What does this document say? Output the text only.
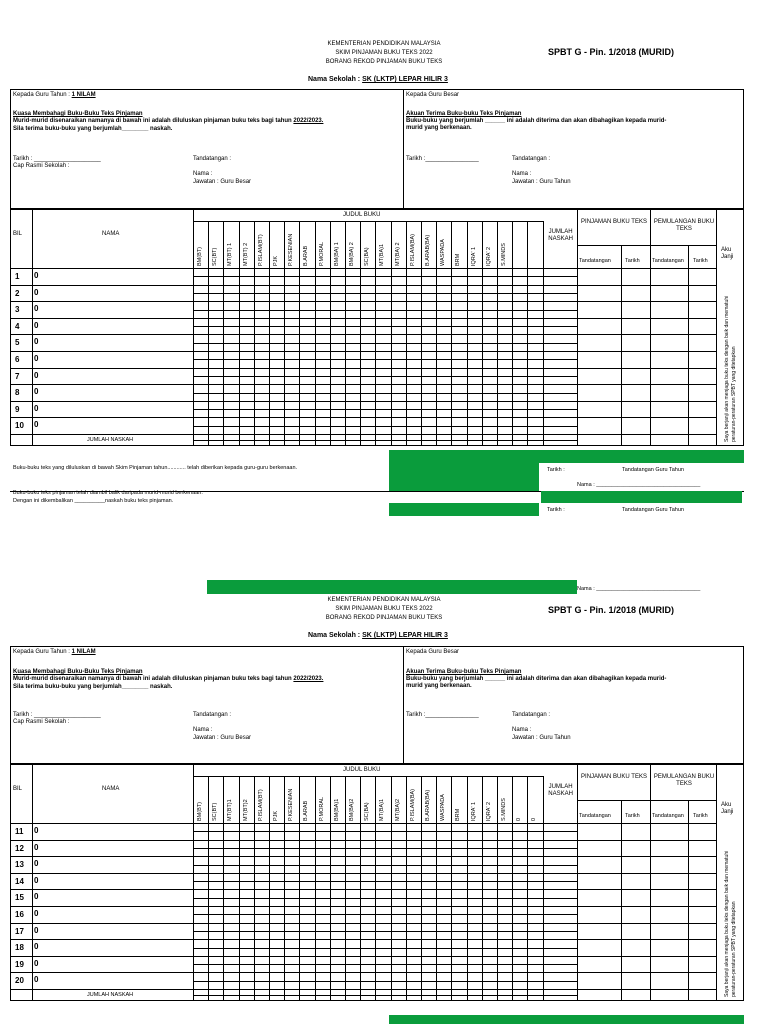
KEMENTERIAN PENDIDIKAN MALAYSIA
SKIM PINJAMAN BUKU TEKS 2022
BORANG REKOD PINJAMAN BUKU TEKS
SPBT G - Pin. 1/2018 (MURID)
Nama Sekolah : SK (LKTP) LEPAR HILIR 3
Kepada Guru Tahun : 1 NILAM
Kuasa Membahagi Buku-Buku Teks Pinjaman
Murid-murid disenaraikan namanya di bawah ini adalah diluluskan pinjaman buku teks bagi tahun 2022/2023.
Sila terima buku-buku yang berjumlah________ naskah.
Tarikh : ____________________
Cap Rasmi Sekolah :
Tandatangan :
Nama :
Jawatan : Guru Besar
Kepada Guru Besar
Akuan Terima Buku-buku Teks Pinjaman
Buku-buku yang berjumlah ______ ini adalah diterima dan akan dibahagikan kepada murid-murid yang berkenaan.
Tarikh :________________	Tandatangan :
Nama :
Jawatan : Guru Tahun
BIL	NAMA
JUDUL BUKU
JUMLAH NASKAH
PINJAMAN BUKU TEKS	PEMULANGAN BUKU TEKS
Tandatangan	Tarikh Tandatangan Tarikh
Aku Janji
BM(BT) SC(BT) MT(BT) 1 MT(BT) 2 P.ISLAM(BT) PJK P.KESENIAN B.ARAB P.MORAL BM(BA) 1 BM(BA) 2 SC(BA) MT(BA)1 MT(BA) 2 P.ISLAM(BA) B.ARAB(BA) WASPADA BRM IQRA' 1 IQRA' 2 S.MINDS
1 0
2 0
3 0
4 0
5 0
6 0
7 0
8 0
9 0
10 0
JUMLAH NASKAH	Saya berjanji akan menjaga buku teks dengan baik dan mematuhi peraturan-peraturan SPBT yang ditetapkan
Buku-buku teks yang diluluskan di bawah Skim Pinjaman tahun............ telah diberikan kepada guru-guru berkenaan.	Tarikh :	Tandatangan Guru Tahun
Nama : __________________________________
Buku-buku teks pinjaman telah diambil balik daripada murid-murid berkenaan.
Dengan ini dikembalikan __________naskah buku teks pinjaman.
Tarikh :	Tandatangan Guru Tahun
Nama : __________________________________
KEMENTERIAN PENDIDIKAN MALAYSIA
SKIM PINJAMAN BUKU TEKS 2022
BORANG REKOD PINJAMAN BUKU TEKS
SPBT G - Pin. 1/2018 (MURID)
Nama Sekolah : SK (LKTP) LEPAR HILIR 3
Kepada Guru Tahun : 1 NILAM
Kuasa Membahagi Buku-Buku Teks Pinjaman
Murid-murid disenaraikan namanya di bawah ini adalah diluluskan pinjaman buku teks bagi tahun 2022/2023.
Sila terima buku-buku yang berjumlah________ naskah.
Tarikh : ____________________
Cap Rasmi Sekolah :
Tandatangan :
Nama :
Jawatan : Guru Besar
Kepada Guru Besar
Akuan Terima Buku-buku Teks Pinjaman
Buku-buku yang berjumlah ______ ini adalah diterima dan akan dibahagikan kepada murid-murid yang berkenaan.
Tarikh :________________	Tandatangan :
Nama :
Jawatan : Guru Tahun
BIL	NAMA
JUDUL BUKU
JUMLAH NASKAH
PINJAMAN BUKU TEKS	PEMULANGAN BUKU TEKS
Tandatangan	Tarikh Tandatangan Tarikh
Aku Janji
BM(BT) SC(BT) MT(BT)1 MT(BT)2 P.ISLAM(BT) PJK P.KESENIAN B.ARAB P.MORAL BM(BA)1 BM(BA)2 SC(BA) MT(BA)1 MT(BA)2 P.ISLAM(BA) B.ARAB(BA) WASPADA BRM IQRA' 1 IQRA' 2 S.MINDS 0 0
11 0
12 0
13 0
14 0
15 0
16 0
17 0
18 0
19 0
20 0
JUMLAH NASKAH	Saya berjanji akan menjaga buku teks dengan baik dan mematuhi peraturan-peraturan SPBT yang ditetapkan
